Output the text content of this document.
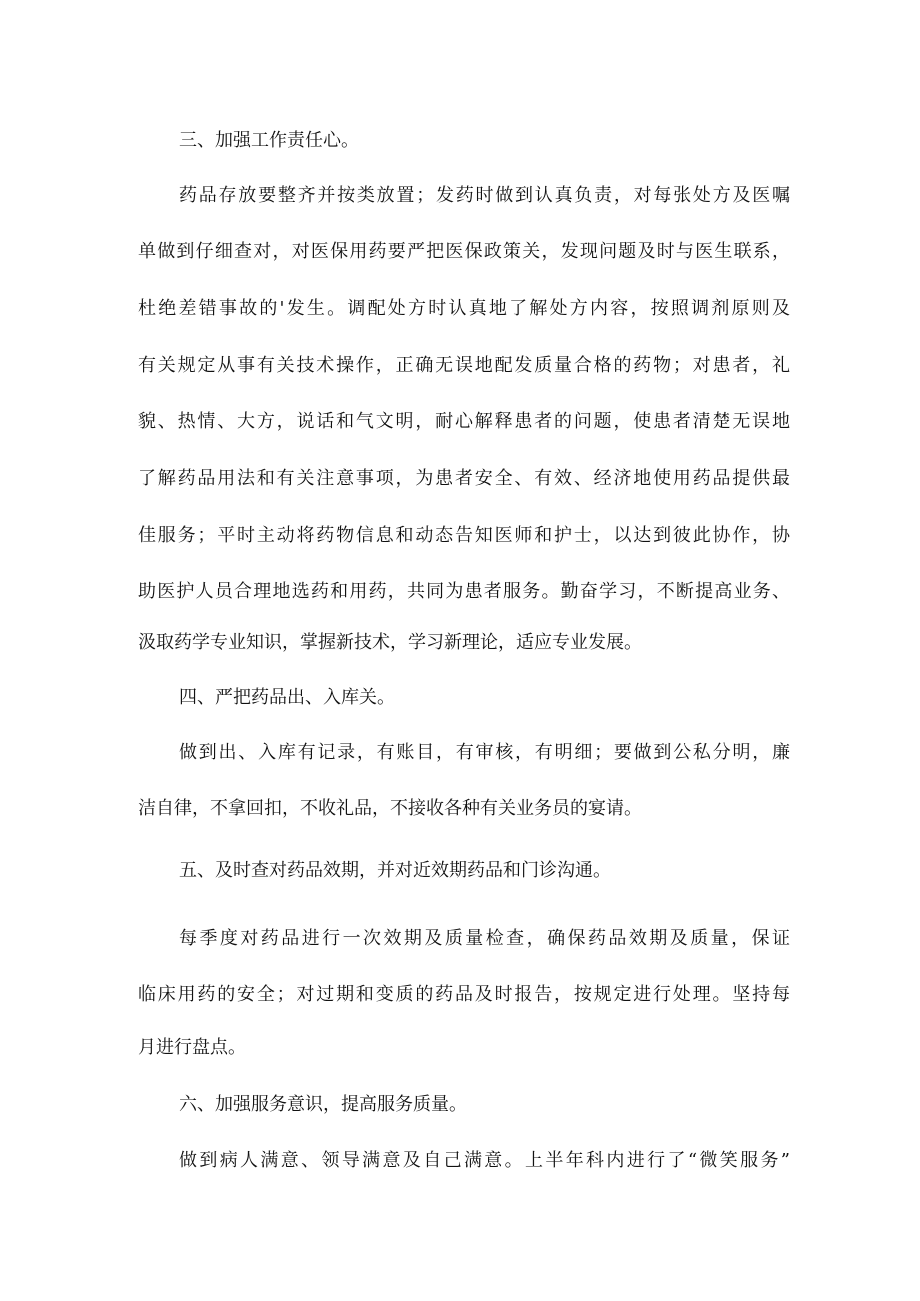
三、加强工作责任心。

药品存放要整齐并按类放置；发药时做到认真负责，对每张处方及医嘱

单做到仔细查对，对医保用药要严把医保政策关，发现问题及时与医生联系，

杜绝差错事故的'发生。调配处方时认真地了解处方内容，按照调剂原则及

有关规定从事有关技术操作，正确无误地配发质量合格的药物；对患者，礼

貌、热情、大方，说话和气文明，耐心解释患者的问题，使患者清楚无误地

了解药品用法和有关注意事项，为患者安全、有效、经济地使用药品提供最

佳服务；平时主动将药物信息和动态告知医师和护士，以达到彼此协作，协

助医护人员合理地选药和用药，共同为患者服务。勤奋学习，不断提高业务、

汲取药学专业知识，掌握新技术，学习新理论，适应专业发展。

四、严把药品出、入库关。

做到出、入库有记录，有账目，有审核，有明细；要做到公私分明，廉

洁自律，不拿回扣，不收礼品，不接收各种有关业务员的宴请。

五、及时查对药品效期，并对近效期药品和门诊沟通。

每季度对药品进行一次效期及质量检查，确保药品效期及质量，保证

临床用药的安全；对过期和变质的药品及时报告，按规定进行处理。坚持每

月进行盘点。

六、加强服务意识，提高服务质量。

做到病人满意、领导满意及自己满意。上半年科内进行了“微笑服务”
